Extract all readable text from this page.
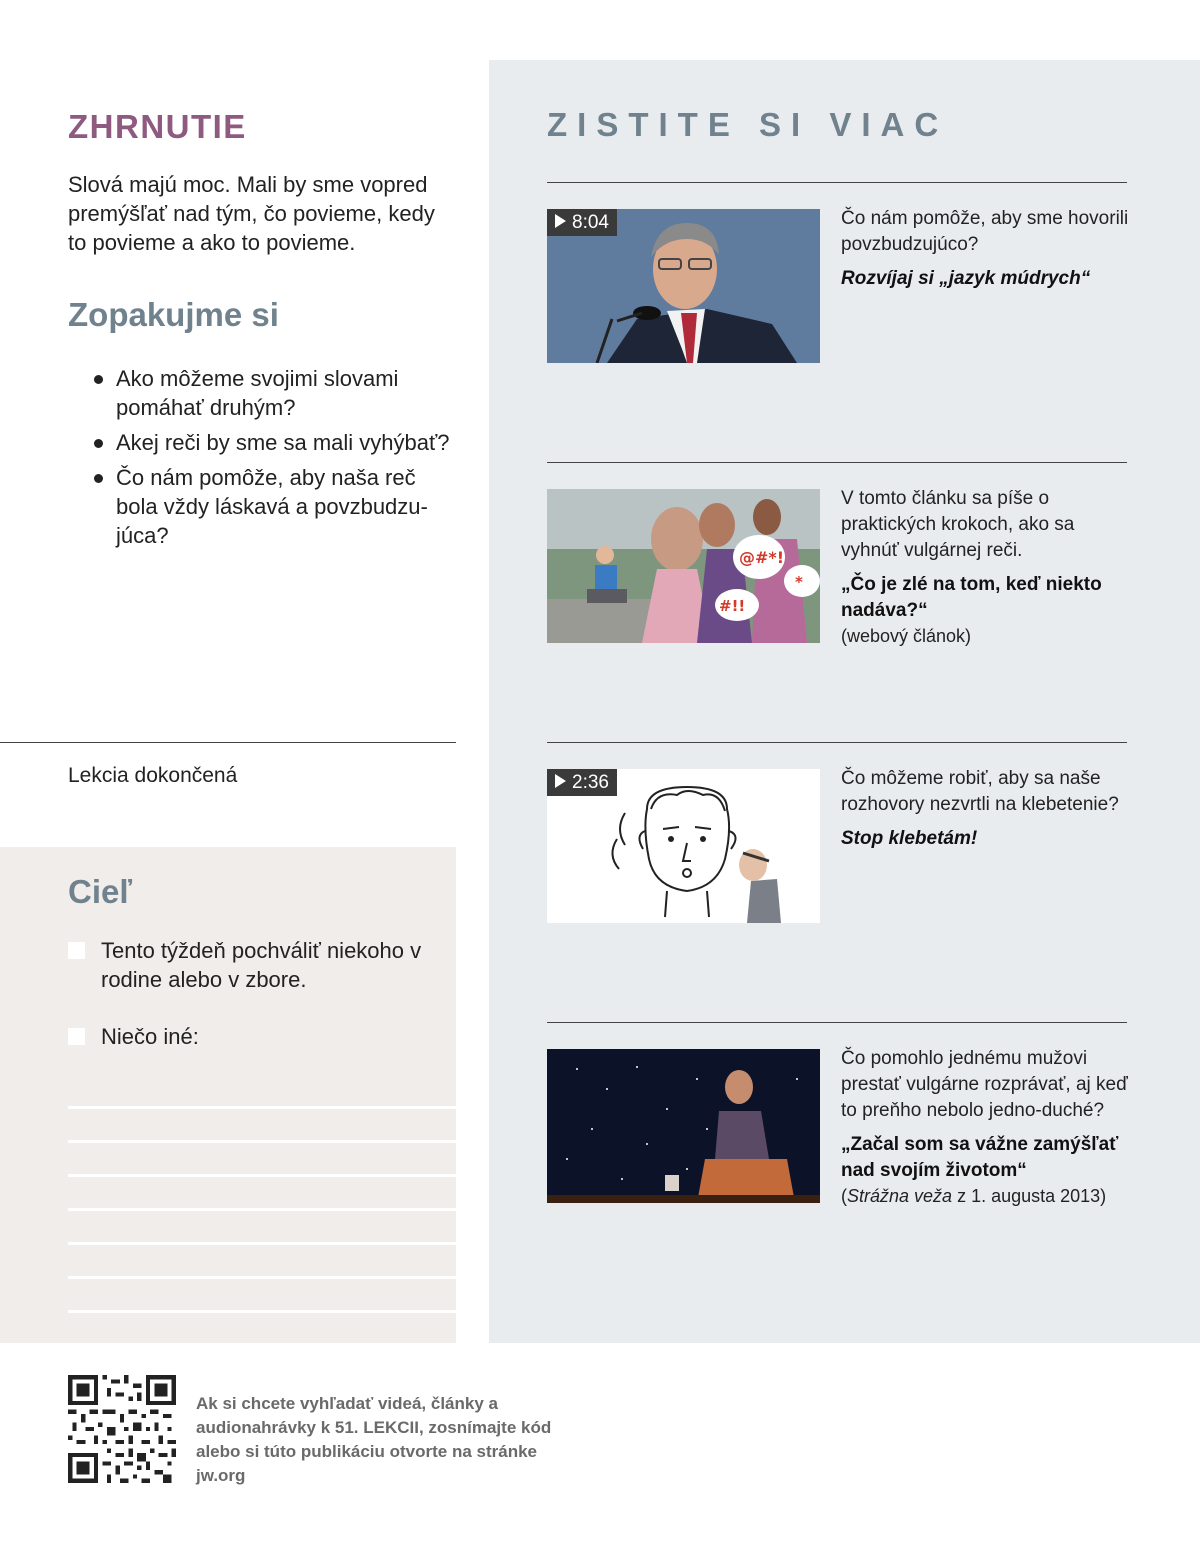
ZHRNUTIE
Slová majú moc. Mali by sme vopred premýšľať nad tým, čo povieme, kedy to povieme a ako to povieme.
Zopakujme si
Ako môžeme svojimi slovami pomáhať druhým?
Akej reči by sme sa mali vyhýbať?
Čo nám pomôže, aby naša reč bola vždy láskavá a povzbudzu-júca?
Lekcia dokončená
Cieľ
Tento týždeň pochváliť niekoho v rodine alebo v zbore.
Niečo iné:
ZISTITE SI VIAC
8:04	Čo nám pomôže, aby sme hovorili povzbudzujúco?
Rozvíjaj si „jazyk múdrych“
@#*!
#!!
*
V tomto článku sa píše o praktických krokoch, ako sa vyhnúť vulgárnej reči.
„Čo je zlé na tom, keď niekto nadáva?“
(webový článok)
2:36	Čo môžeme robiť, aby sa naše rozhovory nezvrtli na klebetenie?
Stop klebetám!
Čo pomohlo jednému mužovi prestať vulgárne rozprávať, aj keď to preňho nebolo jedno-duché?
„Začal som sa vážne zamýšľať nad svojím životom“
(Strážna veža z 1. augusta 2013)
Ak si chcete vyhľadať videá, články a audionahrávky k 51. LEKCII, zosnímajte kód alebo si túto publikáciu otvorte na stránke jw.org
